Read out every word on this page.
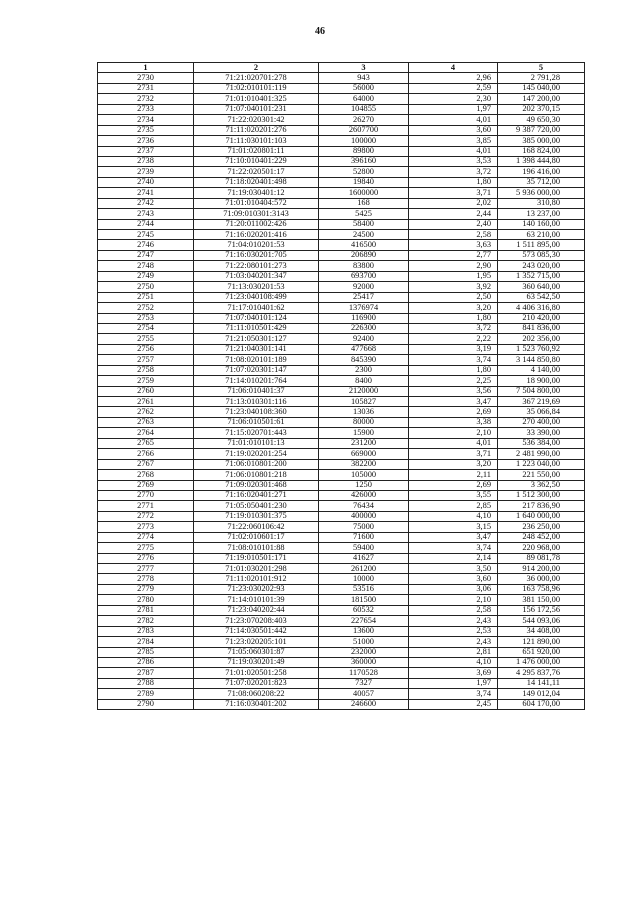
46
1	2	3	4	5
2730	71:21:020701:278	943	2,96	2 791,28
2731	71:02:010101:119	56000	2,59	145 040,00
2732	71:01:010401:325	64000	2,30	147 200,00
2733	71:07:040101:231	104855	1,97	202 370,15
2734	71:22:020301:42	26270	4,01	49 650,30
2735	71:11:020201:276	2607700	3,60	9 387 720,00
2736	71:11:030101:103	100000	3,85	385 000,00
2737	71:01:020801:11	89800	4,01	168 824,00
2738	71:10:010401:229	396160	3,53	1 398 444,80
2739	71:22:020501:17	52800	3,72	196 416,00
2740	71:18:020401:498	19840	1,80	35 712,00
2741	71:19:030401:12	1600000	3,71	5 936 000,00
2742	71:01:010404:572	168	2,02	310,80
2743	71:09:010301:3143	5425	2,44	13 237,00
2744	71:20:011002:426	58400	2,40	140 160,00
2745	71:16:020201:416	24500	2,58	63 210,00
2746	71:04:010201:53	416500	3,63	1 511 895,00
2747	71:16:030201:705	206890	2,77	573 085,30
2748	71:22:080101:273	83800	2,90	243 020,00
2749	71:03:040201:347	693700	1,95	1 352 715,00
2750	71:13:030201:53	92000	3,92	360 640,00
2751	71:23:040108:499	25417	2,50	63 542,50
2752	71:17:010401:62	1376974	3,20	4 406 316,80
2753	71:07:040101:124	116900	1,80	210 420,00
2754	71:11:010501:429	226300	3,72	841 836,00
2755	71:21:050301:127	92400	2,22	202 356,00
2756	71:21:040301:141	477668	3,19	1 523 760,92
2757	71:08:020101:189	845390	3,74	3 144 850,80
2758	71:07:020301:147	2300	1,80	4 140,00
2759	71:14:010201:764	8400	2,25	18 900,00
2760	71:06:010401:37	2120000	3,56	7 504 800,00
2761	71:13:010301:116	105827	3,47	367 219,69
2762	71:23:040108:360	13036	2,69	35 066,84
2763	71:06:010501:61	80000	3,38	270 400,00
2764	71:15:020701:443	15900	2,10	33 390,00
2765	71:01:010101:13	231200	4,01	536 384,00
2766	71:19:020201:254	669000	3,71	2 481 990,00
2767	71:06:010801:200	382200	3,20	1 223 040,00
2768	71:06:010801:218	105000	2,11	221 550,00
2769	71:09:020301:468	1250	2,69	3 362,50
2770	71:16:020401:271	426000	3,55	1 512 300,00
2771	71:05:050401:230	76434	2,85	217 836,90
2772	71:19:010301:375	400000	4,10	1 640 000,00
2773	71:22:060106:42	75000	3,15	236 250,00
2774	71:02:010601:17	71600	3,47	248 452,00
2775	71:08:010101:88	59400	3,74	220 968,00
2776	71:19:010501:171	41627	2,14	89 081,78
2777	71:01:030201:298	261200	3,50	914 200,00
2778	71:11:020101:912	10000	3,60	36 000,00
2779	71:23:030202:93	53516	3,06	163 758,96
2780	71:14:010101:39	181500	2,10	381 150,00
2781	71:23:040202:44	60532	2,58	156 172,56
2782	71:23:070208:403	227654	2,43	544 093,06
2783	71:14:030501:442	13600	2,53	34 408,00
2784	71:23:020205:101	51000	2,43	121 890,00
2785	71:05:060301:87	232000	2,81	651 920,00
2786	71:19:030201:49	360000	4,10	1 476 000,00
2787	71:01:020501:258	1170528	3,69	4 295 837,76
2788	71:07:020201:823	7327	1,97	14 141,11
2789	71:08:060208:22	40057	3,74	149 012,04
2790	71:16:030401:202	246600	2,45	604 170,00
